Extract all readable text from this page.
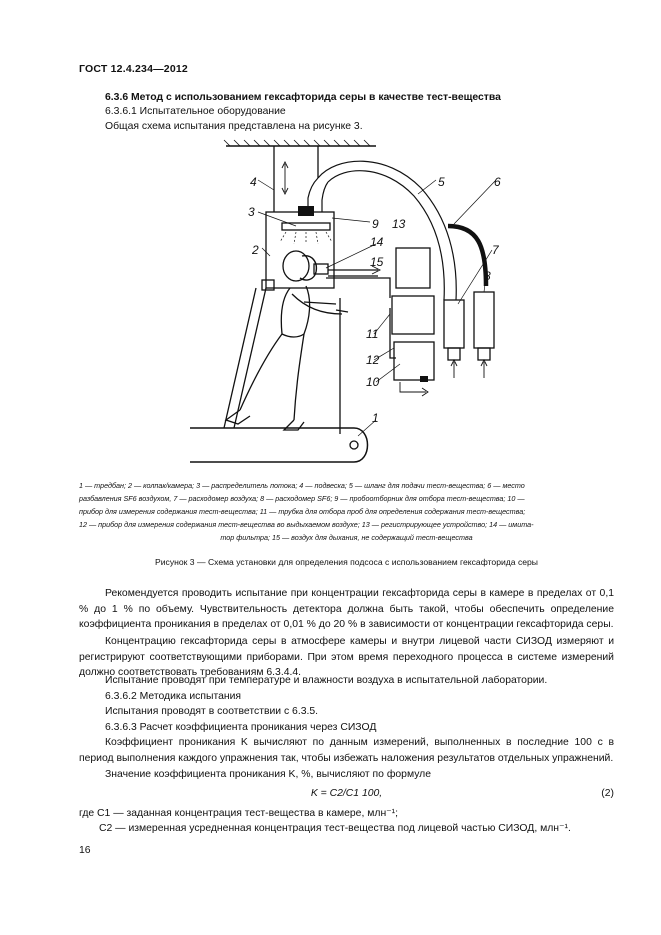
ГОСТ 12.4.234—2012
6.3.6 Метод с использованием гексафторида серы в качестве тест-вещества
6.3.6.1 Испытательное оборудование
Общая схема испытания представлена на рисунке 3.
4	5	6
3
9 13
2
14
15
7
8
11
12
10
1
1 — тредбан; 2 — колпак/камера; 3 — распределитель потока; 4 — подвеска; 5 — шланг для подачи тест-вещества; 6 — место
разбавления SF6 воздухом, 7 — расходомер воздуха; 8 — расходомер SF6; 9 — пробоотборник для отбора тест-вещества; 10 —
прибор для измерения содержания тест-вещества; 11 — трубка для отбора проб для определения содержания тест-вещества;
12 — прибор для измерения содержания тест-вещества во выдыхаемом воздухе; 13 — регистрирующее устройство; 14 — имита-
тор фильтра; 15 — воздух для дыхания, не содержащий тест-вещества
Рисунок 3 — Схема установки для определения подсоса с использованием гексафторида серы

Рекомендуется проводить испытание при концентрации гексафторида серы в камере в пределах от 0,1 % до 1 % по объему. Чувствительность детектора должна быть такой, чтобы обеспечить определение коэффициента проникания в пределах от 0,01 % до 20 % в зависимости от концентрации гексафторида серы.

Концентрацию гексафторида серы в атмосфере камеры и внутри лицевой части СИЗОД измеряют и регистрируют соответствующими приборами. При этом время переходного процесса в системе измерений должно соответствовать требованиям 6.3.4.4.

Испытание проводят при температуре и влажности воздуха в испытательной лаборатории.

6.3.6.2 Методика испытания

Испытания проводят в соответствии с 6.3.5.

6.3.6.3 Расчет коэффициента проникания через СИЗОД

Коэффициент проникания K вычисляют по данным измерений, выполненных в последние 100 с в период выполнения каждого упражнения так, чтобы избежать наложения результатов отдельных упражнений.

Значение коэффициента проникания K, %, вычисляют по формуле

K = C2/C1 100,	(2)
где C1 — заданная концентрация тест-вещества в камере, млн⁻¹;
C2 — измеренная усредненная концентрация тест-вещества под лицевой частью СИЗОД, млн⁻¹.
16
